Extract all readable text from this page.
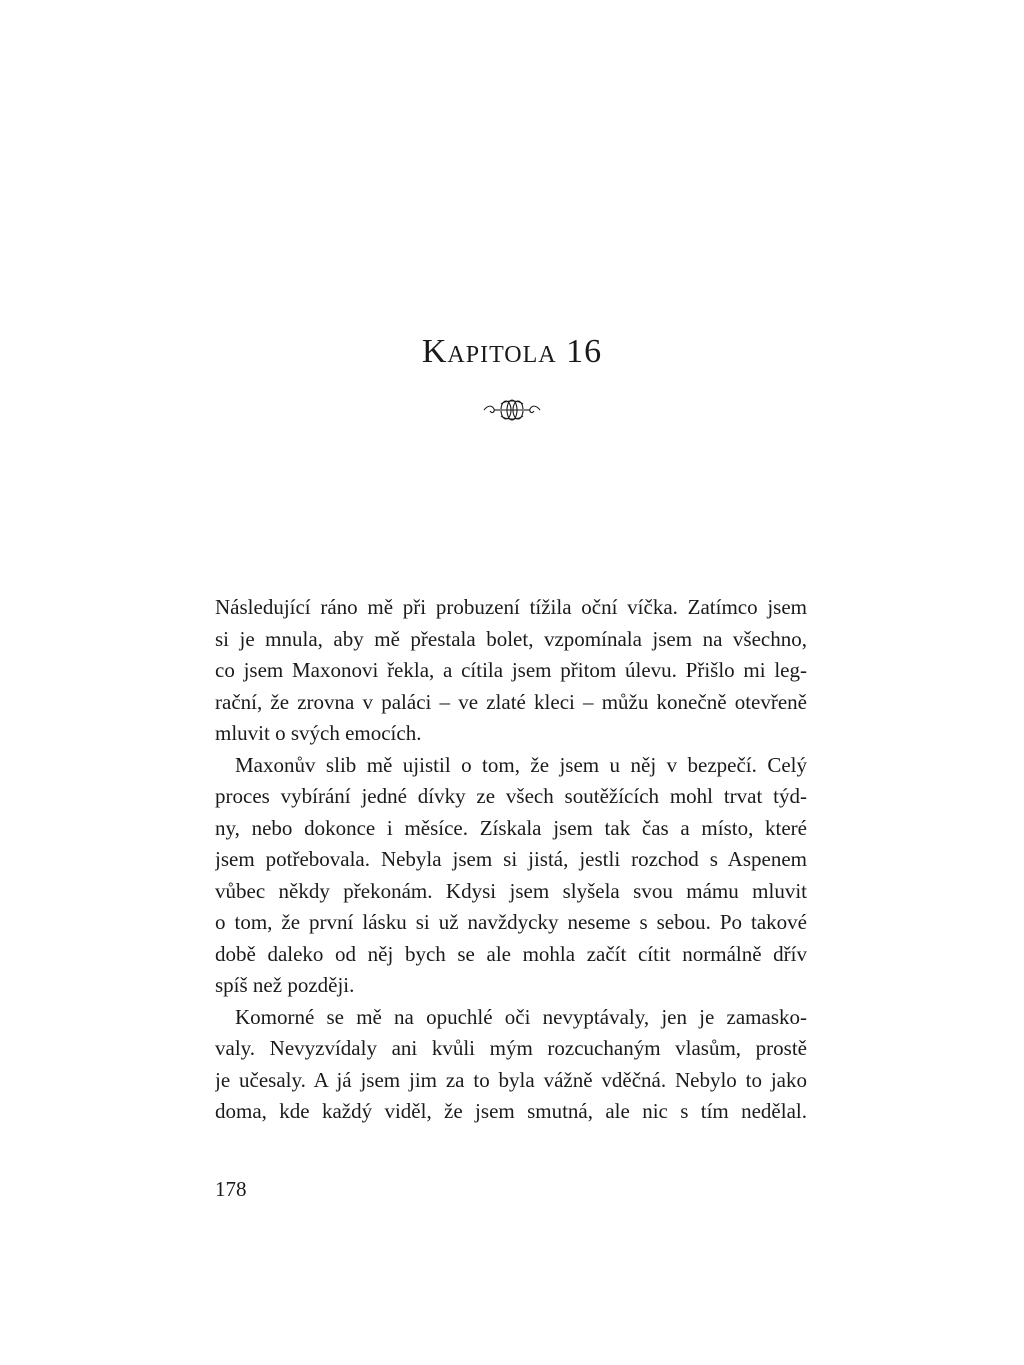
Kapitola 16
Následující ráno mě při probuzení tížila oční víčka. Zatímco jsem
si je mnula, aby mě přestala bolet, vzpomínala jsem na všechno,
co jsem Maxonovi řekla, a cítila jsem přitom úlevu. Přišlo mi leg-
rační, že zrovna v paláci – ve zlaté kleci – můžu konečně otevřeně
mluvit o svých emocích.
Maxonův slib mě ujistil o tom, že jsem u něj v bezpečí. Celý
proces vybírání jedné dívky ze všech soutěžících mohl trvat týd-
ny, nebo dokonce i měsíce. Získala jsem tak čas a místo, které
jsem potřebovala. Nebyla jsem si jistá, jestli rozchod s Aspenem
vůbec někdy překonám. Kdysi jsem slyšela svou mámu mluvit
o tom, že první lásku si už navždycky neseme s sebou. Po takové
době daleko od něj bych se ale mohla začít cítit normálně dřív
spíš než později.
Komorné se mě na opuchlé oči nevyptávaly, jen je zamasko-
valy. Nevyzvídaly ani kvůli mým rozcuchaným vlasům, prostě
je učesaly. A já jsem jim za to byla vážně vděčná. Nebylo to jako
doma, kde každý viděl, že jsem smutná, ale nic s tím nedělal.
178
